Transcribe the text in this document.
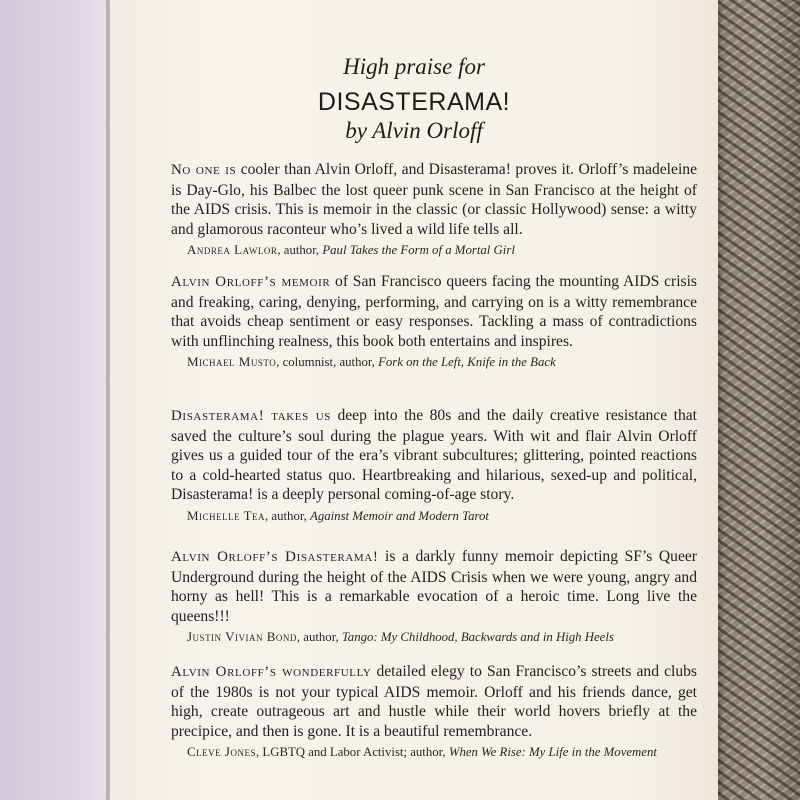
High praise for
DISASTERAMA!
by Alvin Orloff

No one is cooler than Alvin Orloff, and Disasterama! proves it. Orloff’s madeleine is Day-Glo, his Balbec the lost queer punk scene in San Francisco at the height of the AIDS crisis. This is memoir in the classic (or classic Hollywood) sense: a witty and glamorous raconteur who’s lived a wild life tells all.

Andrea Lawlor, author, Paul Takes the Form of a Mortal Girl

Alvin Orloff’s memoir of San Francisco queers facing the mounting AIDS crisis and freaking, caring, denying, performing, and carrying on is a witty remembrance that avoids cheap sentiment or easy responses. Tackling a mass of contradictions with unflinching realness, this book both entertains and inspires.

Michael Musto, columnist, author, Fork on the Left, Knife in the Back

Disasterama! takes us deep into the 80s and the daily creative resistance that saved the culture’s soul during the plague years. With wit and flair Alvin Orloff gives us a guided tour of the era’s vibrant subcultures; glittering, pointed reactions to a cold-hearted status quo. Heartbreaking and hilarious, sexed-up and political, Disasterama! is a deeply personal coming-of-age story.

Michelle Tea, author, Against Memoir and Modern Tarot

Alvin Orloff’s Disasterama! is a darkly funny memoir depicting SF’s Queer Underground during the height of the AIDS Crisis when we were young, angry and horny as hell! This is a remarkable evocation of a heroic time. Long live the queens!!!

Justin Vivian Bond, author, Tango: My Childhood, Backwards and in High Heels

Alvin Orloff’s wonderfully detailed elegy to San Francisco’s streets and clubs of the 1980s is not your typical AIDS memoir. Orloff and his friends dance, get high, create outrageous art and hustle while their world hovers briefly at the precipice, and then is gone. It is a beautiful remembrance.

Cleve Jones, LGBTQ and Labor Activist; author, When We Rise: My Life in the Movement
